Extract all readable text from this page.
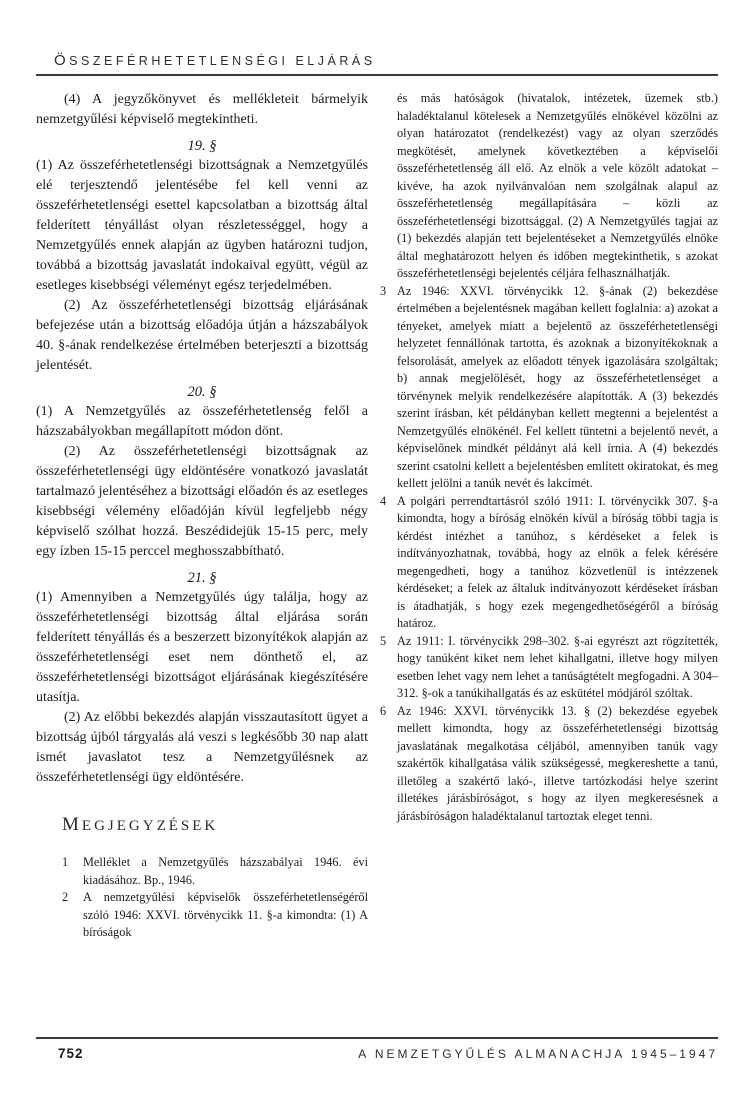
ÖSSZEFÉRHETETLENSÉGI ELJÁRÁS

(4) A jegyzőkönyvet és mellékleteit bármelyik nemzetgyűlési képviselő megtekintheti.

19. §

(1) Az összeférhetetlenségi bizottságnak a Nemzetgyűlés elé terjesztendő jelentésébe fel kell venni az összeférhetetlenségi esettel kapcsolatban a bizottság által felderített tényállást olyan részletességgel, hogy a Nemzetgyűlés ennek alapján az ügyben határozni tudjon, továbbá a bizottság javaslatát indokaival együtt, végül az esetleges kisebbségi véleményt egész terjedelmében.

(2) Az összeférhetetlenségi bizottság eljárásának befejezése után a bizottság előadója útján a házszabályok 40. §-ának rendelkezése értelmében beterjeszti a bizottság jelentését.

20. §

(1) A Nemzetgyűlés az összeférhetetlenség felől a házszabályokban megállapított módon dönt.

(2) Az összeférhetetlenségi bizottságnak az összeférhetetlenségi ügy eldöntésére vonatkozó javaslatát tartalmazó jelentéséhez a bizottsági előadón és az esetleges kisebbségi vélemény előadóján kívül legfeljebb négy képviselő szólhat hozzá. Beszédidejük 15-15 perc, mely egy ízben 15-15 perccel meghosszabbítható.

21. §

(1) Amennyiben a Nemzetgyűlés úgy találja, hogy az összeférhetetlenségi bizottság által eljárása során felderített tényállás és a beszerzett bizonyítékok alapján az összeférhetetlenségi eset nem dönthető el, az összeférhetetlenségi bizottságot eljárásának kiegészítésére utasítja.

(2) Az előbbi bekezdés alapján visszautasított ügyet a bizottság újból tárgyalás alá veszi s legkésőbb 30 nap alatt ismét javaslatot tesz a Nemzetgyűlésnek az összeférhetetlenségi ügy eldöntésére.

MEGJEGYZÉSEK
1	Melléklet a Nemzetgyűlés házszabályai 1946. évi kiadásához. Bp., 1946.
2	A nemzetgyűlési képviselők összeférhetetlenségéről szóló 1946: XXVI. törvénycikk 11. §-a kimondta: (1) A bíróságok
és más hatóságok (hivatalok, intézetek, üzemek stb.) haladéktalanul kötelesek a Nemzetgyűlés elnökével közölni az olyan határozatot (rendelkezést) vagy az olyan szerződés megkötését, amelynek következtében a képviselői összeférhetetlenség áll elő. Az elnök a vele közölt adatokat – kivéve, ha azok nyilvánvalóan nem szolgálnak alapul az összeférhetetlenség megállapítására – közli az összeférhetetlenségi bizottsággal. (2) A Nemzetgyűlés tagjai az (1) bekezdés alapján tett bejelentéseket a Nemzetgyűlés elnöke által meghatározott helyen és időben megtekinthetik, s azokat összeférhetetlenségi bejelentés céljára felhasználhatják.
3 Az 1946: XXVI. törvénycikk 12. §-ának (2) bekezdése értelmében a bejelentésnek magában kellett foglalnia: a) azokat a tényeket, amelyek miatt a bejelentő az összeférhetetlenségi helyzetet fennállónak tartotta, és azoknak a bizonyítékoknak a felsorolását, amelyek az előadott tények igazolására szolgáltak; b) annak megjelölését, hogy az összeférhetetlenséget a törvénynek melyik rendelkezésére alapították. A (3) bekezdés szerint írásban, két példányban kellett megtenni a bejelentést a Nemzetgyűlés elnökénél. Fel kellett tüntetni a bejelentő nevét, a képviselőnek mindkét példányt alá kell írnia. A (4) bekezdés szerint csatolni kellett a bejelentésben említett okiratokat, és meg kellett jelölni a tanúk nevét és lakcímét.
4 A polgári perrendtartásról szóló 1911: I. törvénycikk 307. §-a kimondta, hogy a bíróság elnökén kívül a bíróság többi tagja is kérdést intézhet a tanúhoz, s kérdéseket a felek is indítványozhatnak, továbbá, hogy az elnök a felek kérésére megengedheti, hogy a tanúhoz közvetlenül is intézzenek kérdéseket; a felek az általuk indítványozott kérdéseket írásban is átadhatják, s hogy ezek megengedhetőségéről a bíróság határoz.
5 Az 1911: I. törvénycikk 298–302. §-ai egyrészt azt rögzítették, hogy tanúként kiket nem lehet kihallgatni, illetve hogy milyen esetben lehet vagy nem lehet a tanúságtételt megfogadni. A 304–312. §-ok a tanúkihallgatás és az eskütétel módjáról szóltak.
6 Az 1946: XXVI. törvénycikk 13. § (2) bekezdése egyebek mellett kimondta, hogy az összeférhetetlenségi bizottság javaslatának megalkotása céljából, amennyiben tanúk vagy szakértők kihallgatása válik szükségessé, megkereshette a tanú, illetőleg a szakértő lakó-, illetve tartózkodási helye szerint illetékes járásbíróságot, s hogy az ilyen megkeresésnek a járásbíróságon haladéktalanul tartoztak eleget tenni.
752	A NEMZETGYŰLÉS ALMANACHJA 1945–1947
